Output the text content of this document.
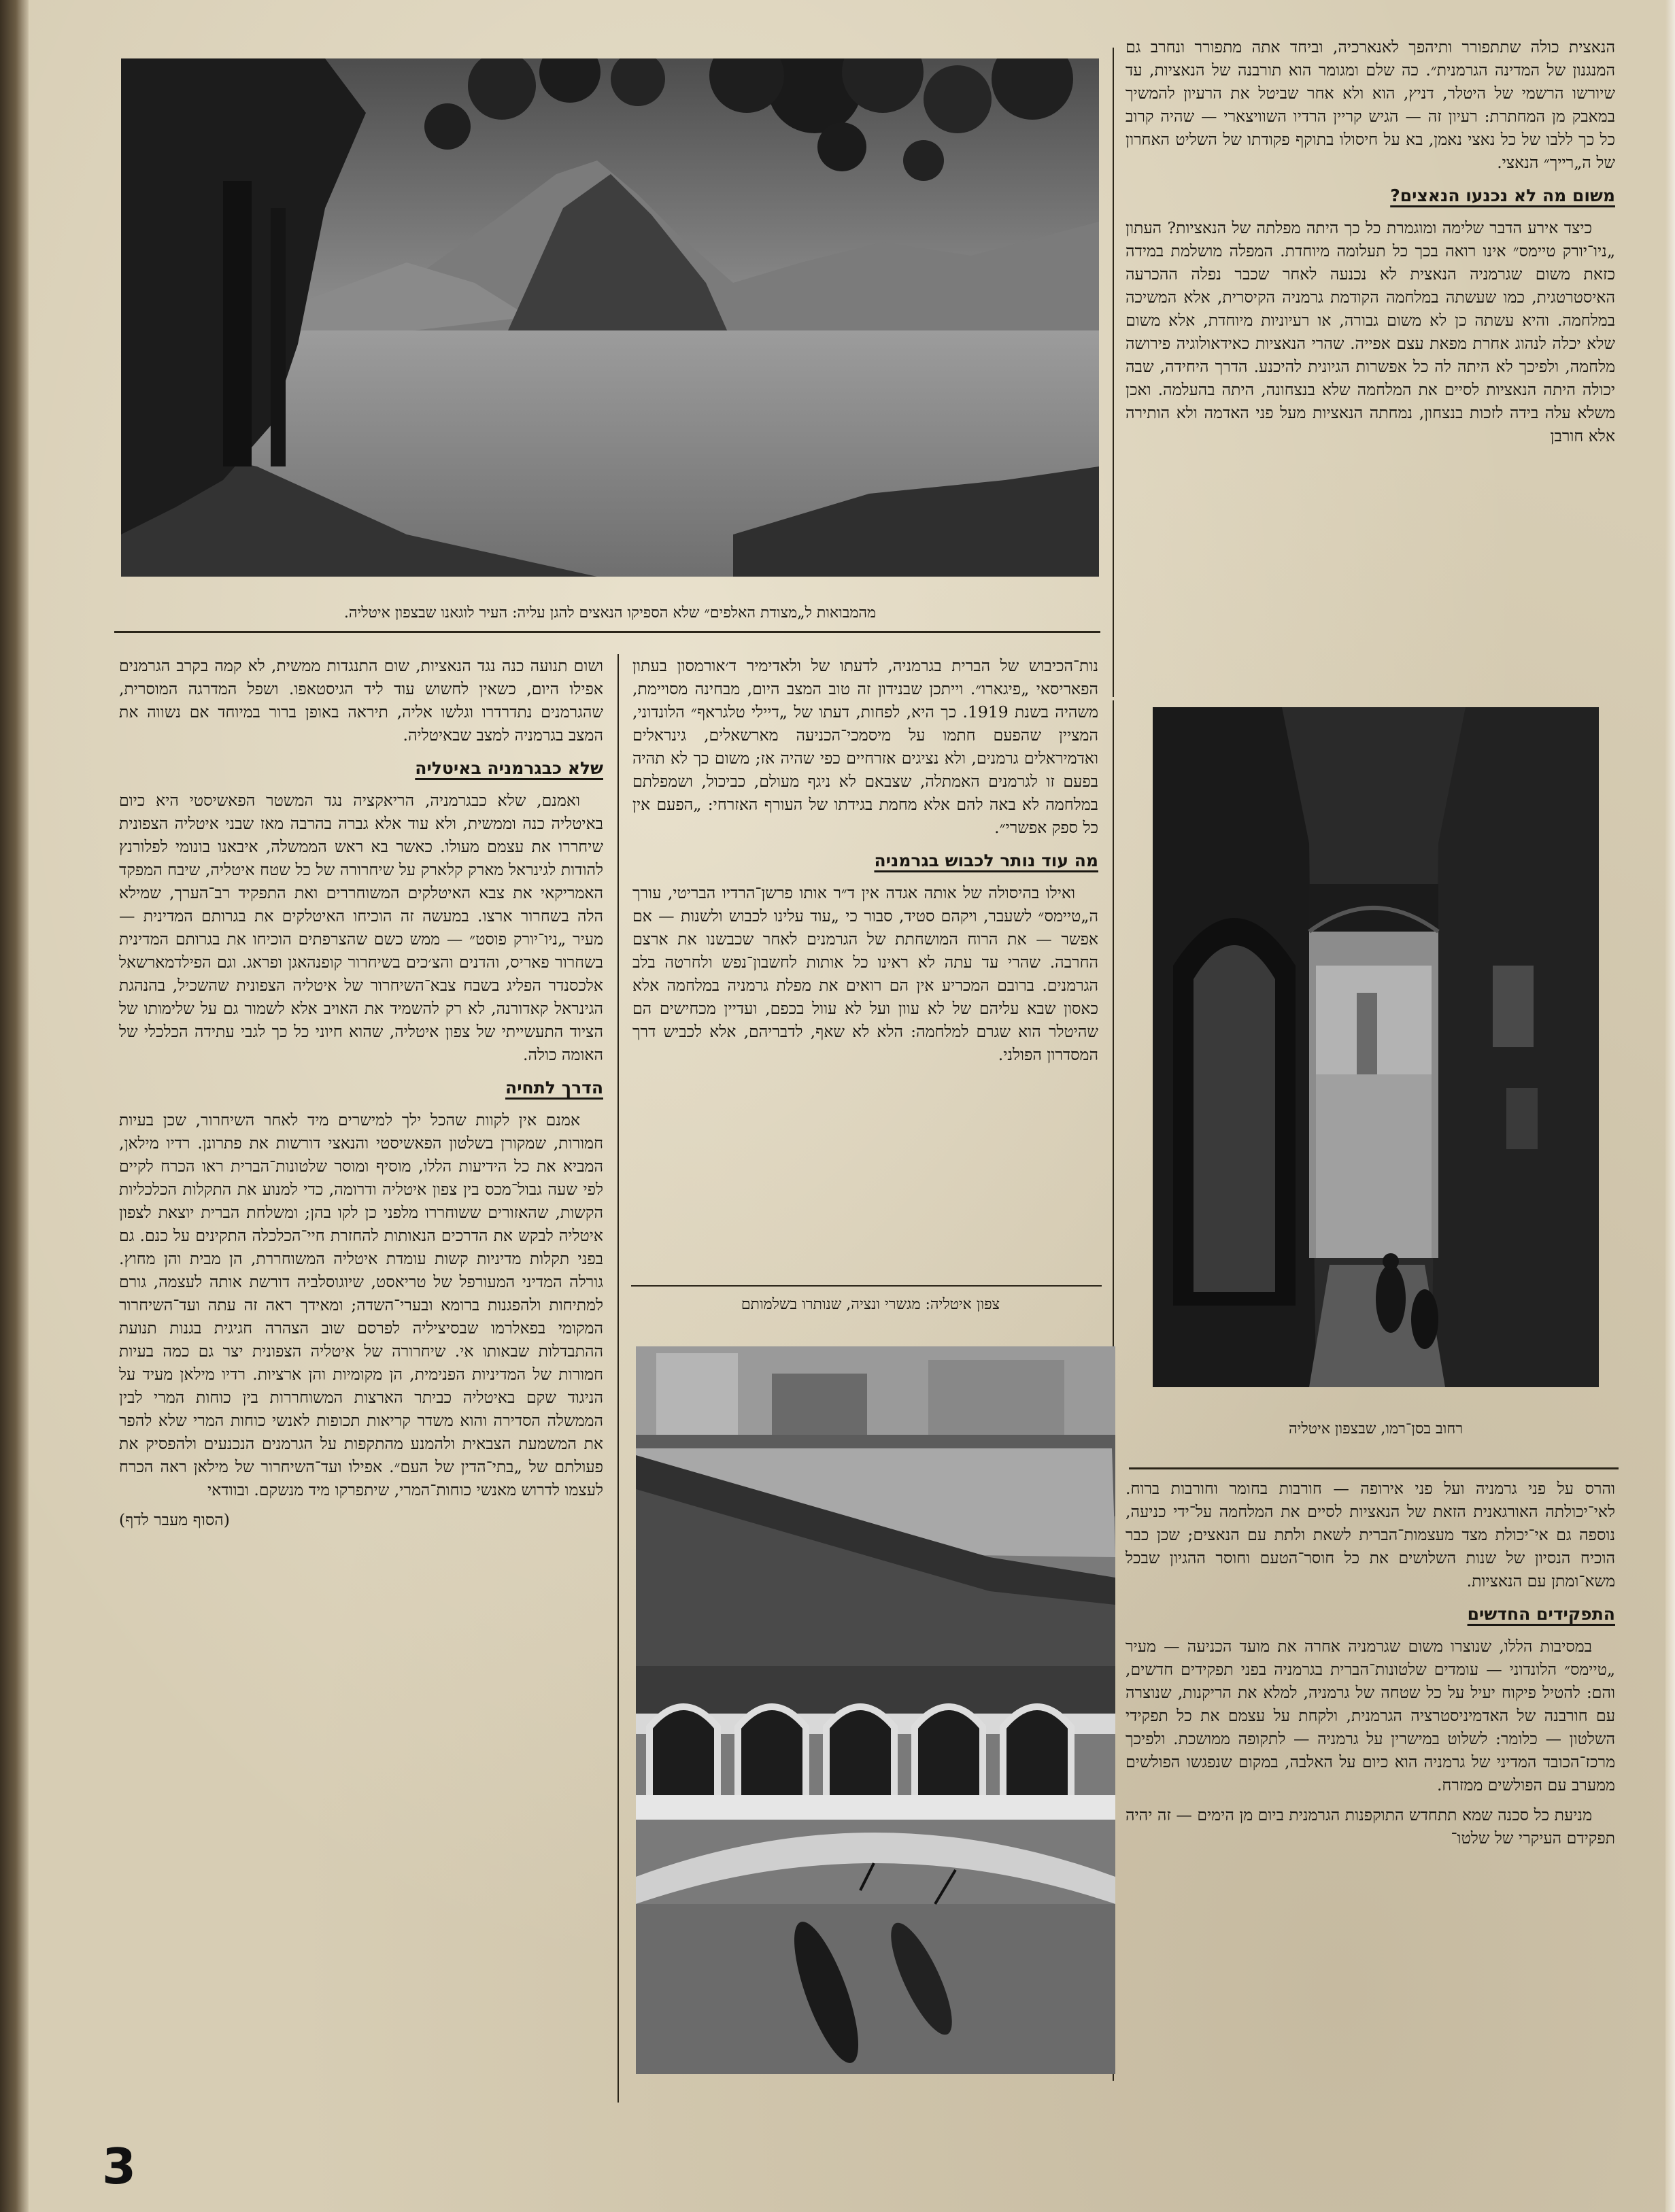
מהמבואות ל„מצודת האלפים״ שלא הספיקו הנאצים להגן עליה: העיר לוגאנו שבצפון איטליה.

הנאצית כולה שתתפורר ותיהפך לאנארכיה, וביחד אתה מתפורר ונחרב גם המנגנון של המדינה הגרמנית״. כה שלם ומגומר הוא תורבנה של הנאציות, עד שיורשו הרשמי של היטלר, דניץ, הוא ולא אחר שביטל את הרעיון להמשיך במאבק מן המחתרת: רעיון זה — הגיש קריין הרדיו השוויצארי — שהיה קרוב כל כך ללבו של כל נאצי נאמן, בא על חיסולו בתוקף פקודתו של השליט האחרון של ה„רייך״ הנאצי.

משום מה לא נכנעו הנאצים?

כיצד אירע הדבר שלימה ומוגמרת כל כך היתה מפלתה של הנאציות? העתון „ניו־יורק טיימס״ אינו רואה בכך כל תעלומה מיוחדת. המפלה מושלמת במידה כזאת משום שגרמניה הנאצית לא נכנעה לאחר שכבר נפלה ההכרעה האיסטרטגית, כמו שעשתה במלחמה הקודמת גרמניה הקיסרית, אלא המשיכה במלחמה. והיא עשתה כן לא משום גבורה, או רעיוניות מיוחדת, אלא משום שלא יכלה לנהוג אחרת מפאת עצם אפייה. שהרי הנאציות כאידאולוגיה פירושה מלחמה, ולפיכך לא היתה לה כל אפשרות הגיונית להיכנע. הדרך היחידה, שבה יכולה היתה הנאציות לסיים את המלחמה שלא בנצחונה, היתה בהעלמה. ואכן משלא עלה בידה לזכות בנצחון, נמחתה הנאציות מעל פני האדמה ולא הותירה אלא חורבן

רחוב בסן־רמו, שבצפון איטליה

והרס על פני גרמניה ועל פני אירופה — חורבות בחומר וחורבות ברוח. לאי־יכולתה האורגאנית הזאת של הנאציות לסיים את המלחמה על־ידי כניעה, נוספה גם אי־יכולת מצד מעצמות־הברית לשאת ולתת עם הנאצים; שכן כבר הוכיח הנסיון של שנות השלושים את כל חוסר־הטעם וחוסר ההגיון שבכל משא־ומתן עם הנאציות.

התפקידים החדשים

במסיבות הללו, שנוצרו משום שגרמניה אחרה את מועד הכניעה — מעיר „טיימס״ הלונדוני — עומדים שלטונות־הברית בגרמניה בפני תפקידים חדשים, והם: להטיל פיקוח יעיל על כל שטחה של גרמניה, למלא את הריקנות, שנוצרה עם חורבנה של האדמיניסטרציה הגרמנית, ולקחת על עצמם את כל תפקידי השלטון — כלומר: לשלוט במישרין על גרמניה — לתקופה ממושכת. ולפיכך מרכז־הכובד המדיני של גרמניה הוא כיום על האלבה, במקום שנפגשו הפולשים ממערב עם הפולשים ממזרח.

מניעת כל סכנה שמא תתחדש התוקפנות הגרמנית ביום מן הימים — זה יהיה תפקידם העיקרי של שלטו־

נות־הכיבוש של הברית בגרמניה, לדעתו של ולאדימיר ד׳אורמסון בעתון הפאריסאי „פיגארו״. וייתכן שבנידון זה טוב המצב היום, מבחינה מסויימת, משהיה בשנת 1919. כך היא, לפחות, דעתו של „דיילי טלגראף״ הלונדוני, המציין שהפעם חתמו על מיסמכי־הכניעה מארשאלים, גינראלים ואדמיראלים גרמנים, ולא נציגים אזרחיים כפי שהיה אז; משום כך לא תהיה בפעם זו לגרמנים האמתלה, שצבאם לא ניגף מעולם, כביכול, ושמפלתם במלחמה לא באה להם אלא מחמת בגידתו של העורף האזרחי: „הפעם אין כל ספק אפשרי״.

מה עוד נותר לכבוש בגרמניה

ואילו בהיסולה של אותה אגדה אין ד״ר אותו פרשן־הרדיו הבריטי, עורך ה„טיימס״ לשעבר, ויקהם סטיד, סבור כי „עוד עלינו לכבוש ולשנות — אם אפשר — את הרוח המושחתת של הגרמנים לאחר שכבשנו את ארצם החרבה. שהרי עד עתה לא ראינו כל אותות לחשבון־נפש ולחרטה בלב הגרמנים. ברובם המכריע אין הם רואים את מפלת גרמניה במלחמה אלא כאסון שבא עליהם של לא עוון ועל לא עוול בכפם, ועדיין מכחישים הם שהיטלר הוא שגרם למלחמה: הלא לא שאף, לדבריהם, אלא לכביש דרך המסדרון הפולני.

צפון איטליה: מגשרי ונציה, שנותרו בשלמותם

ושום תנועה כנה נגד הנאציות, שום התנגדות ממשית, לא קמה בקרב הגרמנים אפילו היום, כשאין לחשוש עוד ליד הגיסטאפו. ושפל המדרגה המוסרית, שהגרמנים נתדרדרו וגלשו אליה, תיראה באופן ברור במיוחד אם נשווה את המצב בגרמניה למצב שבאיטליה.

שלא כבגרמניה באיטליה

ואמנם, שלא כבגרמניה, הריאקציה נגד המשטר הפאשיסטי היא כיום באיטליה כנה וממשית, ולא עוד אלא גברה בהרבה מאז שבני איטליה הצפונית שיחררו את עצמם מעולו. כאשר בא ראש הממשלה, איבאנו בונומי לפלורנץ להודות לגינראל מארק קלארק על שיחרורה של כל שטח איטליה, שיבח המפקד האמריקאי את צבא האיטלקים המשוחררים ואת התפקיד רב־הערך, שמילא הלה בשחרור ארצו. במעשה זה הוכיחו האיטלקים את בגרותם המדינית — מעיר „ניו־יורק פוסט״ — ממש כשם שהצרפתים הוכיחו את בגרותם המדינית בשחרור פאריס, והדנים והצ׳כים בשיחרור קופנהאגן ופראג. וגם הפילדמארשאל אלכסנדר הפליג בשבח צבא־השיחרור של איטליה הצפונית שהשכיל, בהנהגת הגינראל קאדורנה, לא רק להשמיד את האויב אלא לשמור גם על שלימותו של הציוד התעשייתי של צפון איטליה, שהוא חיוני כל כך לגבי עתידה הכלכלי של האומה כולה.

הדרך לתחיה

אמנם אין לקוות שהכל ילך למישרים מיד לאחר השיחרור, שכן בעיות חמורות, שמקורן בשלטון הפאשיסטי והנאצי דורשות את פתרונן. רדיו מילאן, המביא את כל הידיעות הללו, מוסיף ומוסר שלטונות־הברית ראו הכרח לקיים לפי שעה גבול־מכס בין צפון איטליה ודרומה, כדי למנוע את התקלות הכלכליות הקשות, שהאזורים ששוחררו מלפני כן לקו בהן; ומשלחת הברית יוצאת לצפון איטליה לבקש את הדרכים הנאותות להחזרת חיי־הכלכלה התקינים על כנם. גם בפני תקלות מדיניות קשות עומדת איטליה המשוחררת, הן מבית והן מחוץ. גורלה המדיני המעורפל של טריאסט, שיוגוסלביה דורשת אותה לעצמה, גורם למתיחות ולהפגנות ברומא ובערי־השדה; ומאידך ראה זה עתה ועד־השיחרור המקומי בפאלרמו שבסיציליה לפרסם שוב הצהרה חגיגית בגנות תנועת ההתבדלות שבאותו אי. שיחרורה של איטליה הצפונית יצר גם כמה בעיות חמורות של המדיניות הפנימית, הן מקומיות והן ארציות. רדיו מילאן מעיד על הניגוד שקם באיטליה כביתר הארצות המשוחררות בין כוחות המרי לבין הממשלה הסדירה והוא משדר קריאות תכופות לאנשי כוחות המרי שלא להפר את המשמעת הצבאית ולהמנע מהתקפות על הגרמנים הנכנעים ולהפסיק את פעולתם של „בתי־הדין של העם״. אפילו ועד־השיחרור של מילאן ראה הכרח לעצמו לדרוש מאנשי כוחות־המרי, שיתפרקו מיד מנשקם. ובוודאי

(הסוף מעבר לדף)
3
